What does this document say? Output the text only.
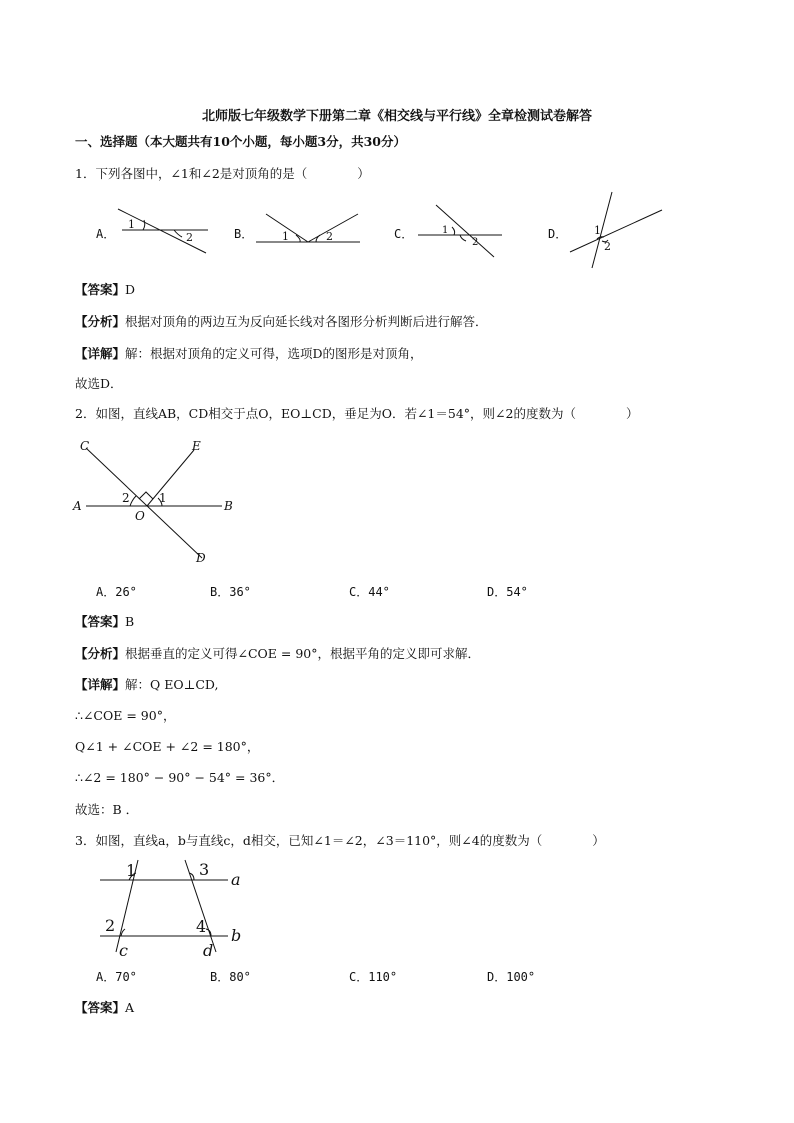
北师版七年级数学下册第二章《相交线与平行线》全章检测试卷解答
一、选择题（本大题共有10个小题，每小题3分，共30分）
1．下列各图中，∠1和∠2是对顶角的是（　　　　）
A．
1
2	B．	1	2	C．	1
2
D． 1
2
【答案】D
【分析】根据对顶角的两边互为反向延长线对各图形分析判断后进行解答．
【详解】解：根据对顶角的定义可得，选项D的图形是对顶角，
故选D．
2．如图，直线AB，CD相交于点O，EO⊥CD，垂足为O．若∠1＝54°，则∠2的度数为（　　　　）
C	E
A	B
O
D
2 1
A．26°	B．36°	C．44°	D．54°
【答案】B
【分析】根据垂直的定义可得∠COE = 90°，根据平角的定义即可求解．
【详解】解：Q EO⊥CD,
∴∠COE = 90°，
Q∠1 + ∠COE + ∠2 = 180°，
∴∠2 = 180° − 90° − 54° = 36°．
故选：B ．
3．如图，直线a，b与直线c，d相交，已知∠1＝∠2，∠3＝110°，则∠4的度数为（　　　　）
1	3
2	4
a
b
c	d
A．70°	B．80°	C．110°	D．100°
【答案】A
